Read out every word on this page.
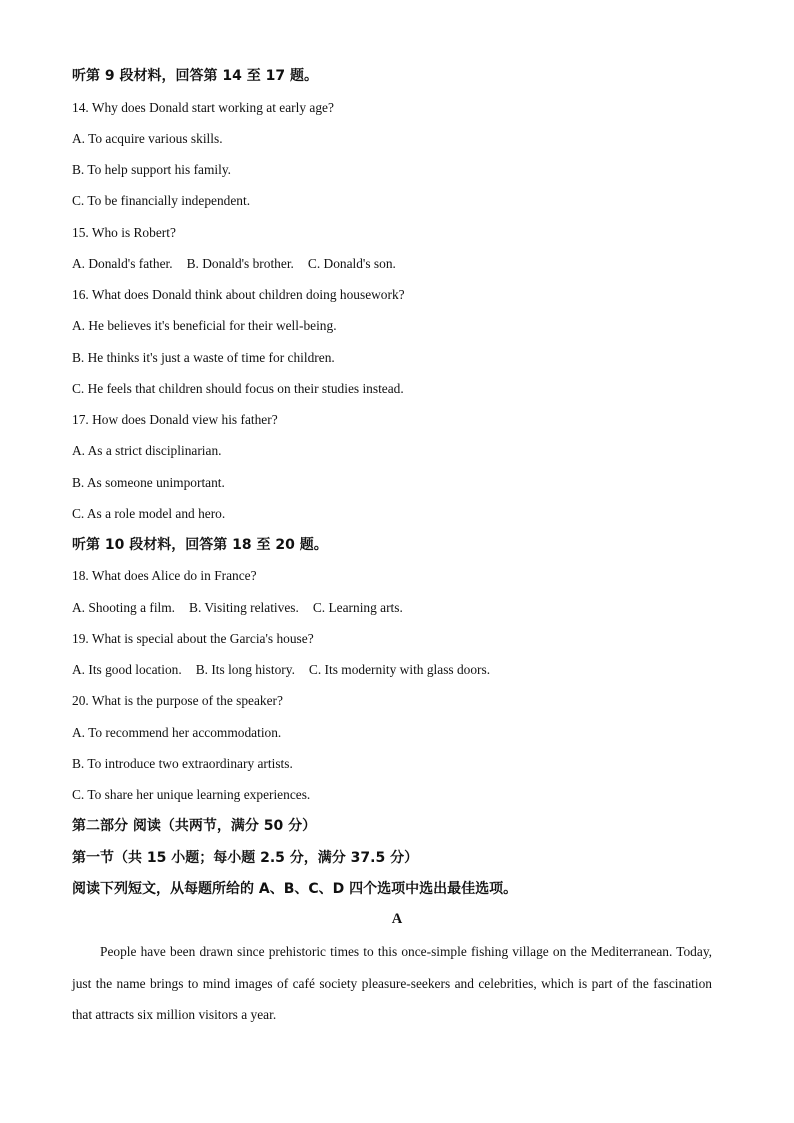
听第 9 段材料，回答第 14 至 17 题。
14. Why does Donald start working at early age?
A. To acquire various skills.
B. To help support his family.
C. To be financially independent.
15. Who is Robert?
A. Donald's father. B. Donald's brother. C. Donald's son.
16. What does Donald think about children doing housework?
A. He believes it's beneficial for their well-being.
B. He thinks it's just a waste of time for children.
C. He feels that children should focus on their studies instead.
17. How does Donald view his father?
A. As a strict disciplinarian.
B. As someone unimportant.
C. As a role model and hero.
听第 10 段材料，回答第 18 至 20 题。
18. What does Alice do in France?
A. Shooting a film. B. Visiting relatives. C. Learning arts.
19. What is special about the Garcia's house?
A. Its good location. B. Its long history. C. Its modernity with glass doors.
20. What is the purpose of the speaker?
A. To recommend her accommodation.
B. To introduce two extraordinary artists.
C. To share her unique learning experiences.
第二部分 阅读（共两节，满分 50 分）
第一节（共 15 小题；每小题 2.5 分，满分 37.5 分）
阅读下列短文，从每题所给的 A、B、C、D 四个选项中选出最佳选项。
A
People have been drawn since prehistoric times to this once-simple fishing village on the Mediterranean. Today, just the name brings to mind images of café society pleasure-seekers and celebrities, which is part of the fascination that attracts six million visitors a year.
